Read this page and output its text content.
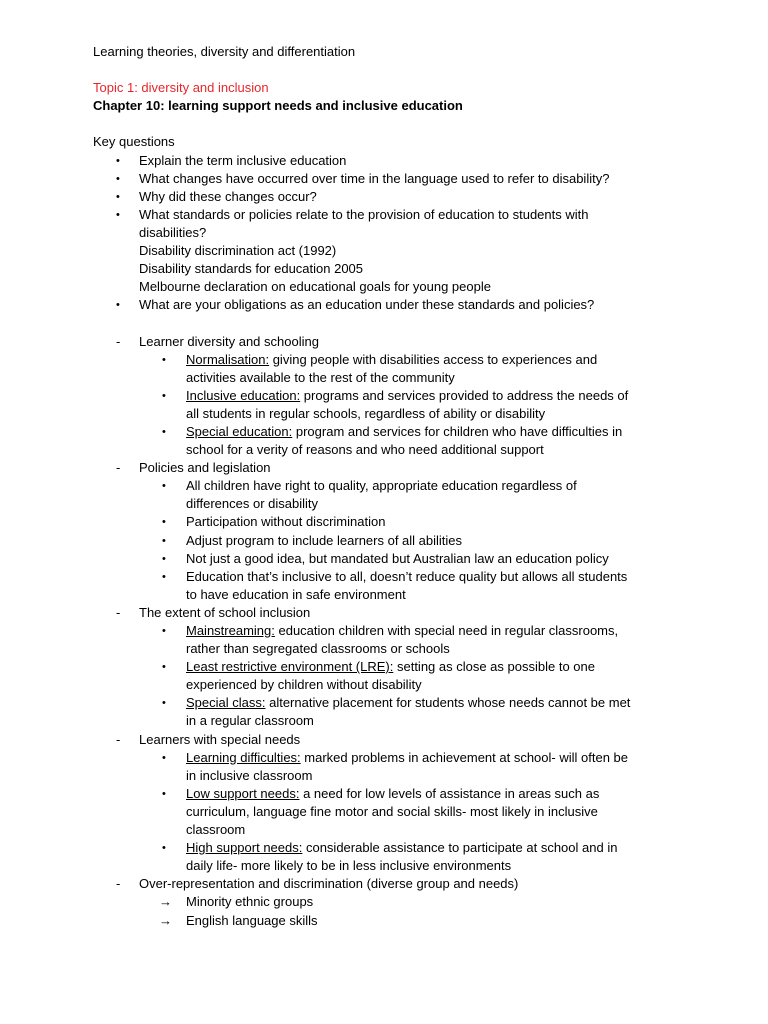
Learning theories, diversity and differentiation
Topic 1: diversity and inclusion
Chapter 10: learning support needs and inclusive education
Key questions
• Explain the term inclusive education
• What changes have occurred over time in the language used to refer to disability?
• Why did these changes occur?
• What standards or policies relate to the provision of education to students with
disabilities?
Disability discrimination act (1992)
Disability standards for education 2005
Melbourne declaration on educational goals for young people
• What are your obligations as an education under these standards and policies?
- Learner diversity and schooling
• Normalisation: giving people with disabilities access to experiences and
activities available to the rest of the community
• Inclusive education: programs and services provided to address the needs of
all students in regular schools, regardless of ability or disability
• Special education: program and services for children who have difficulties in
school for a verity of reasons and who need additional support
- Policies and legislation
• All children have right to quality, appropriate education regardless of
differences or disability
• Participation without discrimination
• Adjust program to include learners of all abilities
• Not just a good idea, but mandated but Australian law an education policy
• Education that’s inclusive to all, doesn’t reduce quality but allows all students
to have education in safe environment
- The extent of school inclusion
• Mainstreaming: education children with special need in regular classrooms,
rather than segregated classrooms or schools
• Least restrictive environment (LRE): setting as close as possible to one
experienced by children without disability
• Special class: alternative placement for students whose needs cannot be met
in a regular classroom
- Learners with special needs
• Learning difficulties: marked problems in achievement at school- will often be
in inclusive classroom
• Low support needs: a need for low levels of assistance in areas such as
curriculum, language fine motor and social skills- most likely in inclusive
classroom
• High support needs: considerable assistance to participate at school and in
daily life- more likely to be in less inclusive environments
- Over-representation and discrimination (diverse group and needs)
→ Minority ethnic groups
→ English language skills
